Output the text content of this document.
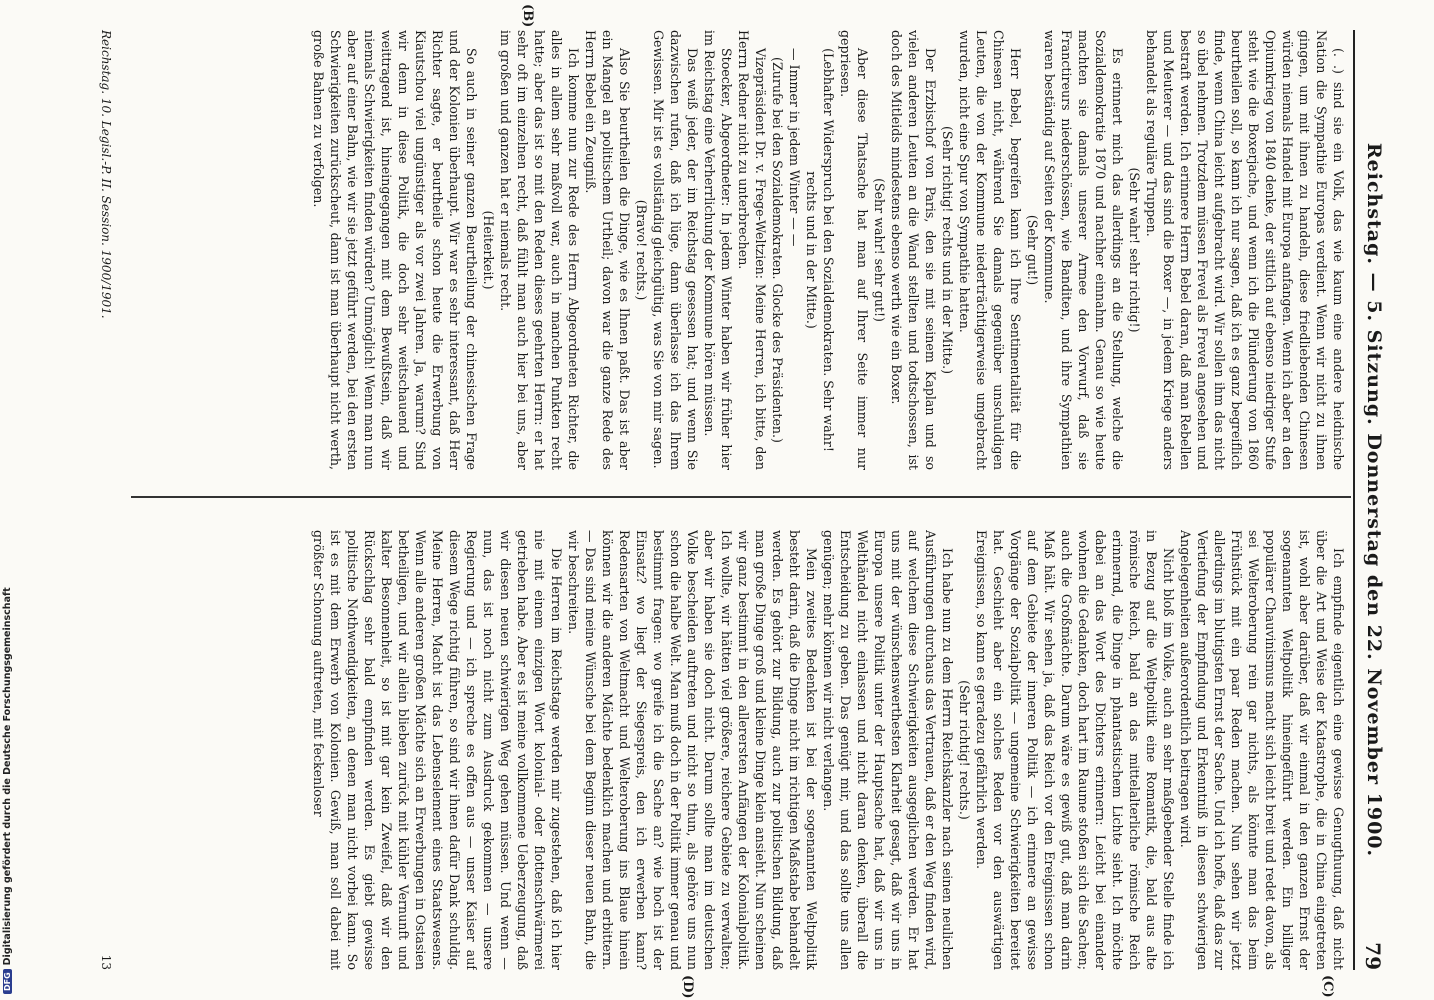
Reichstag. — 5. Sitzung. Donnerstag den 22. November 1900.
79

(. .) sind sie ein Volk, das wie kaum eine andere heidnische Nation die Sympathie Europas verdient. Wenn wir nicht zu ihnen gingen, um mit ihnen zu handeln, diese friedliebenden Chinesen würden niemals Handel mit Europa anfangen. Wenn ich aber an den Opiumkrieg von 1840 denke, der sittlich auf ebenso niedriger Stufe steht wie die Boxerjache, und wenn ich die Plünderung von 1860 beurtheilen soll, so kann ich nur sagen, daß ich es ganz begreiflich finde, wenn China leicht aufgebracht wird. Wir sollen ihm das nicht so übel nehmen. Trotzdem müssen Frevel als Frevel angesehen und bestraft werden. Ich erinnere Herrn Bebel daran, daß man Rebellen und Meuterer — und das sind die Boxer —, in jedem Kriege anders behandelt als reguläre Truppen.

(Sehr wahr! sehr richtig!)

Es erinnert mich das allerdings an die Stellung, welche die Sozialdemokratie 1870 und nachher einnahm. Genau so wie heute machten sie damals unserer Armee den Vorwurf, daß sie Franctireurs niederschössen, wie Banditen, und ihre Sympathien waren beständig auf Seiten der Kommune.

(Sehr gut!)

Herr Bebel, begreifen kann ich Ihre Sentimentalität für die Chinesen nicht, während Sie damals gegenüber unschuldigen Leuten, die von der Kommune niederträchtigerweise umgebracht wurden, nicht eine Spur von Sympathie hatten.

(Sehr richtig! rechts und in der Mitte.)

Der Erzbischof von Paris, den sie mit seinem Kaplan und so vielen anderen Leuten an die Wand stellten und todtschossen, ist doch des Mitleids mindestens ebenso werth wie ein Boxer.

(Sehr wahr! sehr gut!)

Aber diese Thatsache hat man auf Ihrer Seite immer nur gepriesen.

(Lebhafter Widerspruch bei den Sozialdemokraten. Sehr wahr! rechts und in der Mitte.)

— Immer in jedem Winter — —

(Zurufe bei den Sozialdemokraten. Glocke des Präsidenten.)

Vizepräsident Dr. v. Frege-Weltzien: Meine Herren, ich bitte, den Herrn Redner nicht zu unterbrechen.

Stoecker, Abgeordneter: In jedem Winter haben wir früher hier im Reichstag eine Verherrlichung der Kommune hören müssen.

Das weiß jeder, der im Reichstag gesessen hat; und wenn Sie dazwischen rufen, daß ich lüge, dann überlasse ich das Ihrem Gewissen. Mir ist es vollständig gleichgültig, was Sie von mir sagen.

(Bravo! rechts.)

Also Sie beurtheilen die Dinge, wie es Ihnen paßt. Das ist aber ein Mangel an politischem Urtheil; davon war die ganze Rede des Herrn Bebel ein Zeugniß.

Ich komme nun zur Rede des Herrn Abgeordneten Richter, die alles in allem sehr maßvoll war, auch in manchen Punkten recht hatte; aber das ist so mit den Reden dieses geehrten Herrn: er hat sehr oft im einzelnen recht, daß fühlt man auch hier bei uns, aber im großen und ganzen hat er niemals recht.

(Heiterkeit.)

So auch in seiner ganzen Beurtheilung der chinesischen Frage und der Kolonien überhaupt. Wir war es sehr interessant, daß Herr Richter sagte, er beurtheile schon heute die Erwerbung von Kiautschou viel ungünstiger als vor zwei Jahren. Ja, warum? Sind wir denn in diese Politik, die doch sehr weitschauend und weittragend ist, hineingegangen mit dem Bewußtsein, daß wir niemals Schwierigkeiten finden würden? Unmöglich! Wenn man nun aber auf einer Bahn, wie wir sie jetzt geführt werden, bei den ersten Schwierigkeiten zurückscheut, dann ist man überhaupt nicht werth, große Bahnen zu verfolgen.

Ich empfinde eigentlich eine gewisse Genugthuung, daß nicht über die Art und Weise der Katastrophe, die in China eingetreten ist, wohl aber darüber, daß wir einmal in den ganzen Ernst der sogenannten Weltpolitik hineingeführt werden. Ein billiger populärer Chauvinismus macht sich leicht breit und redet davon, als sei Welteroberung rein gar nichts, als könnte man das beim Frühstück mit ein paar Reden machen. Nun sehen wir jetzt allerdings im blutigsten Ernst der Sache. Und ich hoffe, daß das zur Vertiefung der Empfindung und Erkenntniß in diesen schwierigen Angelegenheiten außerordentlich beitragen wird.

Nicht bloß im Volke, auch an sehr maßgebender Stelle finde ich in Bezug auf die Weltpolitik eine Romantik, die, bald aus alte römische Reich, bald an das mittelalterliche römische Reich erinnernd, die Dinge in phantastischem Lichte sieht. Ich möchte dabei an das Wort des Dichters erinnern: Leicht bei einander wohnen die Gedanken, doch hart im Raume stoßen sich die Sachen; auch die Großmächte. Darum wäre es gewiß gut, daß man darin Maß hält. Wir sehen ja, daß das Reich vor den Ereignissen schon auf dem Gebiete der inneren Politik — ich erinnere an gewisse Vorgänge der Sozialpolitik — ungemeine Schwierigkeiten bereitet hat. Geschieht aber ein solches Reden vor den auswärtigen Ereignissen, so kann es geradezu gefährlich werden.

(Sehr richtig! rechts.)

Ich habe nun zu dem Herrn Reichskanzler nach seinen neulichen Ausführungen durchaus das Vertrauen, daß er den Weg finden wird, auf welchem diese Schwierigkeiten ausgeglichen werden. Er hat uns mit der wünschenswerthesten Klarheit gesagt, daß wir uns in Europa unsere Politik unter der Hauptsache hat, daß wir uns in Welthändel nicht einlassen und nicht daran denken, überall die Entscheidung zu geben. Das genügt mir, und das sollte uns allen genügen; mehr können wir nicht verlangen.

Mein zweites Bedenken ist bei der sogenannten Weltpolitik besteht darin, daß die Dinge nicht im richtigen Maßstabe behandelt werden. Es gehört zur Bildung, auch zur politischen Bildung, daß man große Dinge groß und kleine Dinge klein ansieht. Nun scheinen wir ganz bestimmt in den allerersten Anfängen der Kolonialpolitik. Ich wollte, wir hätten viel größere, reichere Gebiete zu verwalten; aber wir haben sie doch nicht. Darum sollte man im deutschen Volke bescheiden auftreten und nicht so thun, als gehöre uns nun schon die halbe Welt. Man muß doch in der Politik immer genau und bestimmt fragen: wo greife ich die Sache an? wie hoch ist der Einsatz? wo liegt der Siegespreis, den ich erwerben kann? Redensarten von Weltmacht und Welteroberung ins Blaue hinein können wir die anderen Mächte bedenklich machen und erbittern. — Das sind meine Wünsche bei dem Beginn dieser neuen Bahn, die wir beschreiten.

Die Herren im Reichstage werden mir zugestehen, daß ich hier nie mit einem einzigen Wort kolonial- oder flottenschwärmerei getrieben habe. Aber es ist meine vollkommene Ueberzeugung, daß wir diesen neuen schwierigen Weg gehen müssen. Und wenn — nun, das ist noch nicht zum Ausdruck gekommen — unsere Regierung und — ich spreche es offen aus — unser Kaiser auf diesem Wege richtig führen, so sind wir ihnen dafür Dank schuldig. Meine Herren, Macht ist das Lebenselement eines Staatswesens. Wenn alle anderen großen Mächte sich an Erwerbungen in Ostasien betheiligen, und wir allein blieben zurück mit kühler Vernunft und kalter Besonnenheit, so ist mit gar kein Zweifel, daß wir den Rückschlag sehr bald empfinden werden. Es giebt gewisse politische Nothwendigkeiten, an denen man nicht vorbei kann. So ist es mit dem Erwerb von Kolonien. Gewiß, man soll dabei mit größter Schonung auftreten, mit feckenloser

(B)
(C)
(D)
Reichstag. 10. Legisl.-P. II. Session. 1900/1901.
13
DFGDigitalisierung gefördert durch die Deutsche Forschungsgemeinschaft
